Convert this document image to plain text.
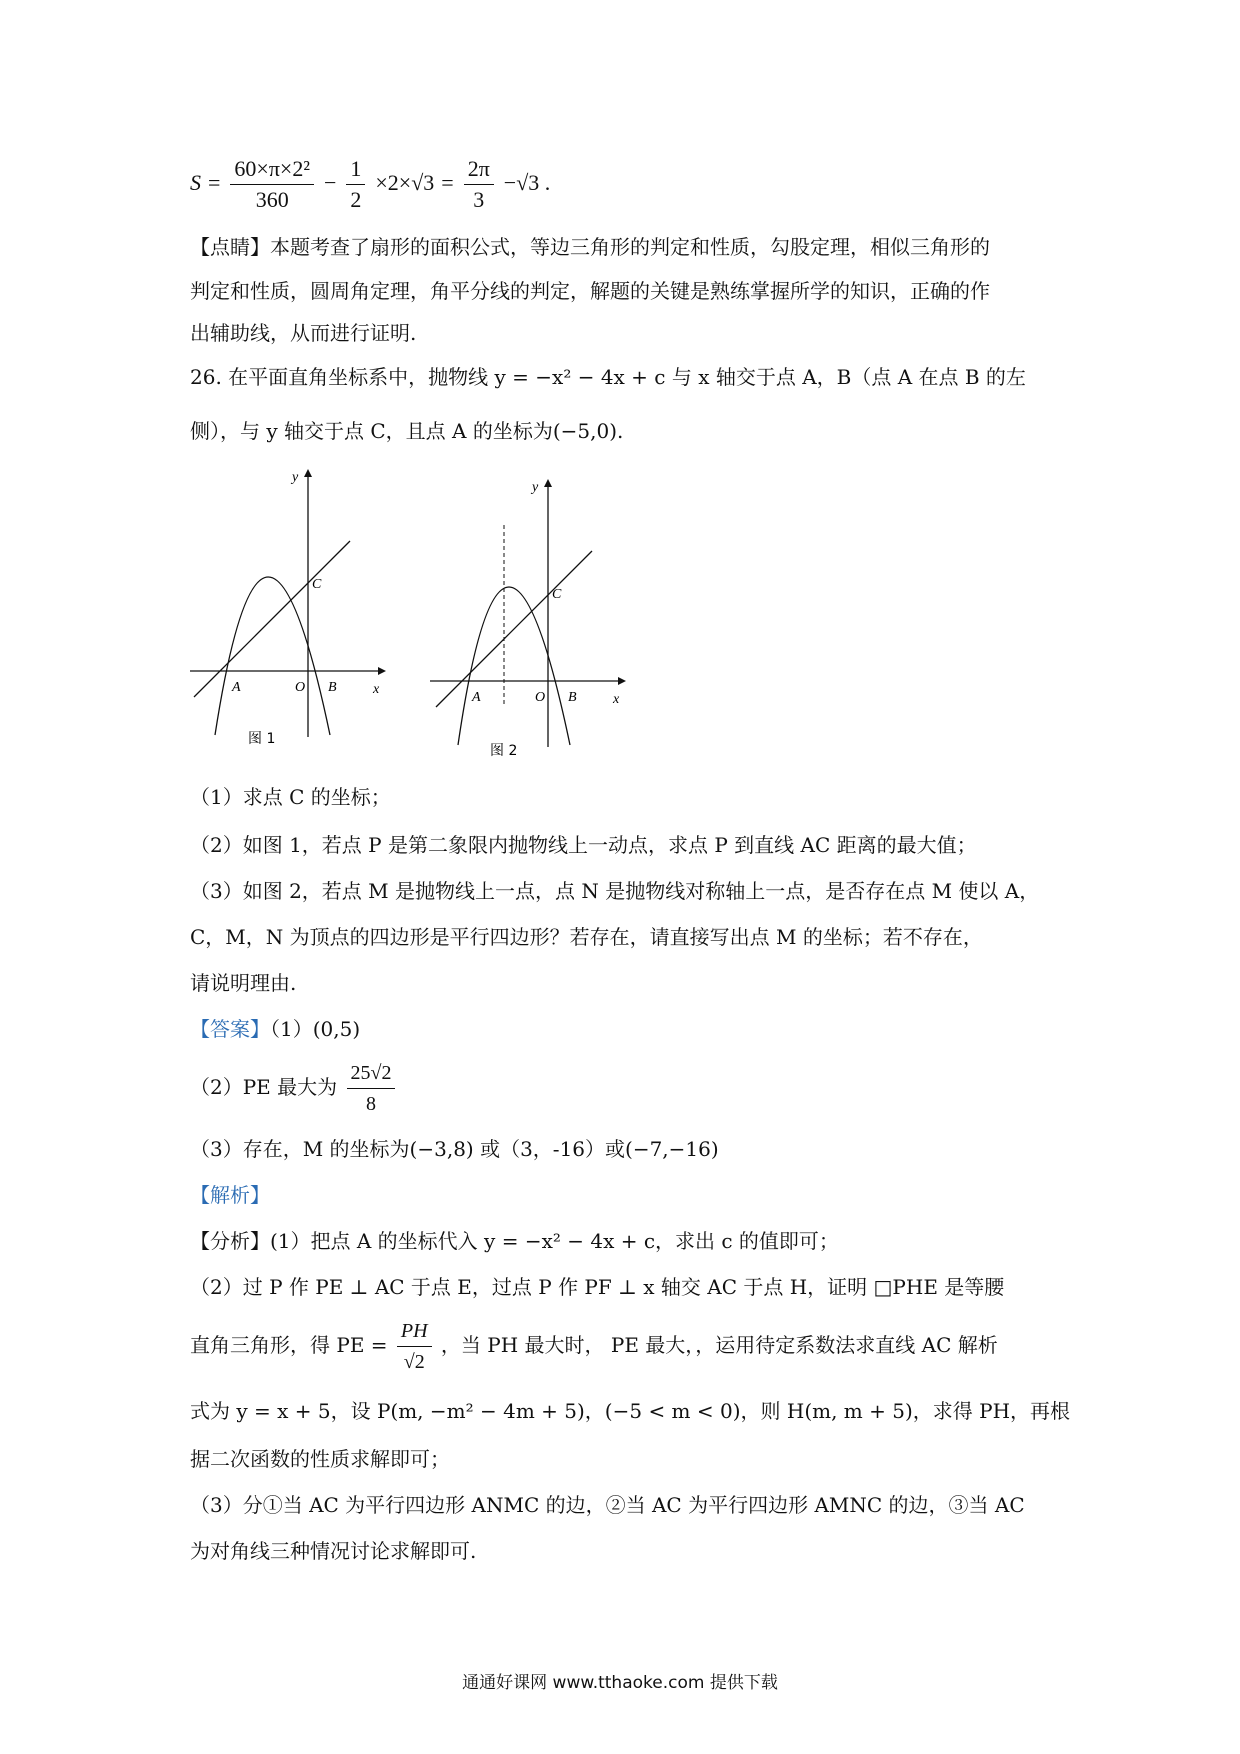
$S = \frac{\text{60×π×2²}}{360} - \frac{1}{2} \times 2\times√3 = \frac{2\pi}{3} -√3$ .
【点睛】本题考查了扇形的面积公式，等边三角形的判定和性质，勾股定理，相似三角形的
判定和性质，圆周角定理，角平分线的判定，解题的关键是熟练掌握所学的知识，正确的作
出辅助线，从而进行证明.
26. 在平面直角坐标系中，抛物线 y = −x² − 4x + c 与 x 轴交于点 A，B（点 A 在点 B 的左
侧），与 y 轴交于点 C，且点 A 的坐标为(−5,0).
A	O B
C
x
y
图 1
A	O B
C
x
y
图 2
（1）求点 C 的坐标；
（2）如图 1，若点 P 是第二象限内抛物线上一动点，求点 P 到直线 AC 距离的最大值；
（3）如图 2，若点 M 是抛物线上一点，点 N 是抛物线对称轴上一点，是否存在点 M 使以 A，
C，M，N 为顶点的四边形是平行四边形？若存在，请直接写出点 M 的坐标；若不存在，
请说明理由.
【答案】（1）(0,5)
（2）PE 最大为 $\frac{25√2}{8}$
（3）存在，M 的坐标为(−3,8) 或（3，-16）或(−7,−16)
【解析】
【分析】(1）把点 A 的坐标代入 y = −x² − 4x + c，求出 c 的值即可；
（2）过 P 作 PE ⊥ AC 于点 E，过点 P 作 PF ⊥ x 轴交 AC 于点 H，证明 □PHE 是等腰
直角三角形，得 PE = $\frac{PH}{√2}$ ，当 PH 最大时， PE 最大，，运用待定系数法求直线 AC 解析
式为 y = x + 5，设 P(m, −m² − 4m + 5)，(−5 < m < 0)，则 H(m, m + 5)，求得 PH，再根
据二次函数的性质求解即可；
（3）分①当 AC 为平行四边形 ANMC 的边，②当 AC 为平行四边形 AMNC 的边，③当 AC
为对角线三种情况讨论求解即可.
通通好课网 www.tthaoke.com 提供下载
